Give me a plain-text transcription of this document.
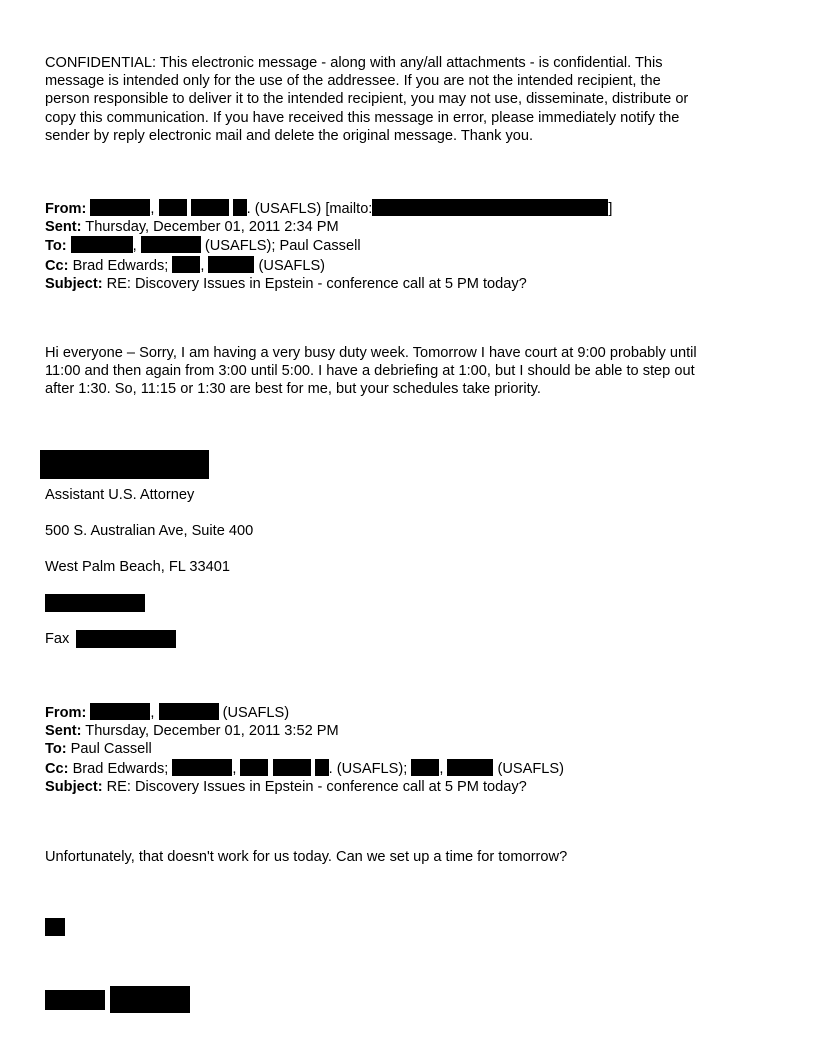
CONFIDENTIAL: This electronic message - along with any/all attachments - is confidential. This
message is intended only for the use of the addressee. If you are not the intended recipient, the
person responsible to deliver it to the intended recipient, you may not use, disseminate, distribute or
copy this communication. If you have received this message in error, please immediately notify the
sender by reply electronic mail and delete the original message. Thank you.
From:	,	. (USAFLS) [mailto:	]
Sent: Thursday, December 01, 2011 2:34 PM
To:	,	(USAFLS); Paul Cassell
Cc: Brad Edwards; ,	(USAFLS)
Subject: RE: Discovery Issues in Epstein - conference call at 5 PM today?
Hi everyone – Sorry, I am having a very busy duty week. Tomorrow I have court at 9:00 probably until
11:00 and then again from 3:00 until 5:00. I have a debriefing at 1:00, but I should be able to step out
after 1:30. So, 11:15 or 1:30 are best for me, but your schedules take priority.
Assistant U.S. Attorney
500 S. Australian Ave, Suite 400
West Palm Beach, FL 33401
Fax
From:	,	(USAFLS)
Sent: Thursday, December 01, 2011 3:52 PM
To: Paul Cassell
Cc: Brad Edwards;	,	. (USAFLS); ,	(USAFLS)
Subject: RE: Discovery Issues in Epstein - conference call at 5 PM today?
Unfortunately, that doesn't work for us today. Can we set up a time for tomorrow?
